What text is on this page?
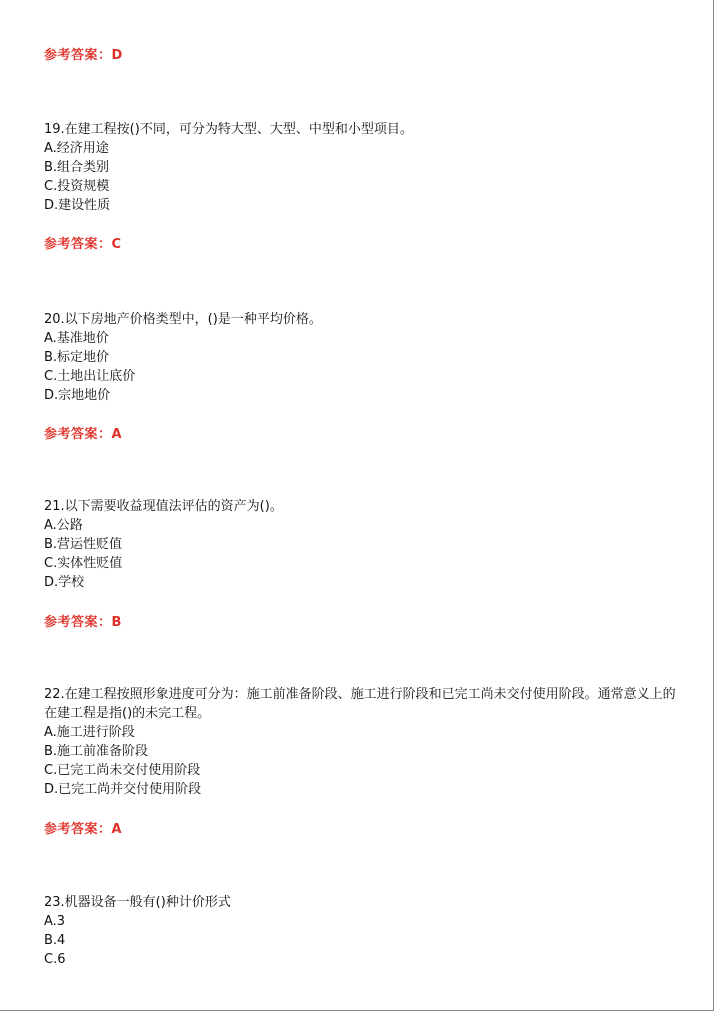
参考答案：D

19.在建工程按()不同，可分为特大型、大型、中型和小型项目。

A.经济用途
B.组合类别
C.投资规模
D.建设性质
参考答案：C

20.以下房地产价格类型中，()是一种平均价格。

A.基准地价
B.标定地价
C.土地出让底价
D.宗地地价
参考答案：A

21.以下需要收益现值法评估的资产为()。

A.公路
B.营运性贬值
C.实体性贬值
D.学校
参考答案：B

22.在建工程按照形象进度可分为：施工前准备阶段、施工进行阶段和已完工尚未交付使用阶段。通常意义上的在建工程是指()的未完工程。

A.施工进行阶段
B.施工前准备阶段
C.已完工尚未交付使用阶段
D.已完工尚并交付使用阶段
参考答案：A

23.机器设备一般有()种计价形式

A.3
B.4
C.6
